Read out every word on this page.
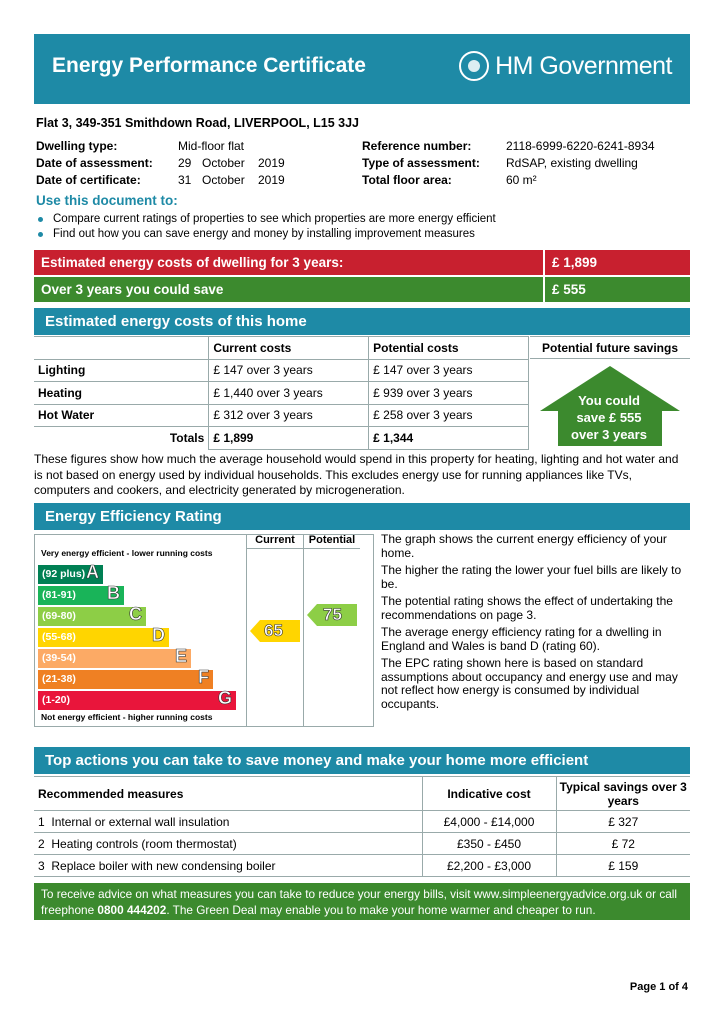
Energy Performance Certificate	HM Government
Flat 3, 349-351 Smithdown Road, LIVERPOOL, L15 3JJ
Dwelling type:	Mid-floor flat
Date of assessment: 29 October 2019
Date of certificate:	31 October 2019
Reference number:	2118-6999-6220-6241-8934
Type of assessment: RdSAP, existing dwelling
Total floor area:	60 m²
Use this document to:
Compare current ratings of properties to see which properties are more energy efficient
Find out how you can save energy and money by installing improvement measures
Estimated energy costs of dwelling for 3 years:	£ 1,899
Over 3 years you could save	£ 555
Estimated energy costs of this home
	Current costs	Potential costs
Lighting	£ 147 over 3 years	£ 147 over 3 years
Heating	£ 1,440 over 3 years	£ 939 over 3 years
Hot Water	£ 312 over 3 years	£ 258 over 3 years
Totals	£ 1,899	£ 1,344
Potential future savings
You could
save £ 555
over 3 years
These figures show how much the average household would spend in this property for heating, lighting and hot water and is not based on energy used by individual households. This excludes energy use for running appliances like TVs, computers and cookers, and electricity generated by microgeneration.
Energy Efficiency Rating
Very energy efficient - lower running costs
Not energy efficient - higher running costs
(92 plus) A
(81-91) B
(69-80)	C
(55-68)	D
(39-54)	E
(21-38)	F
(1-20)	G
Current	Potential
65
75

The graph shows the current energy efficiency of your home.

The higher the rating the lower your fuel bills are likely to be.

The potential rating shows the effect of undertaking the recommendations on page 3.

The average energy efficiency rating for a dwelling in England and Wales is band D (rating 60).

The EPC rating shown here is based on standard assumptions about occupancy and energy use and may not reflect how energy is consumed by individual occupants.

Top actions you can take to save money and make your home more efficient
Recommended measures	Indicative cost	Typical savings over 3 years
1 Internal or external wall insulation	£4,000 - £14,000	£ 327
2 Heating controls (room thermostat)	£350 - £450	£ 72
3 Replace boiler with new condensing boiler	£2,200 - £3,000	£ 159
To receive advice on what measures you can take to reduce your energy bills, visit www.simpleenergyadvice.org.uk or call freephone 0800 444202. The Green Deal may enable you to make your home warmer and cheaper to run.
Page 1 of 4
